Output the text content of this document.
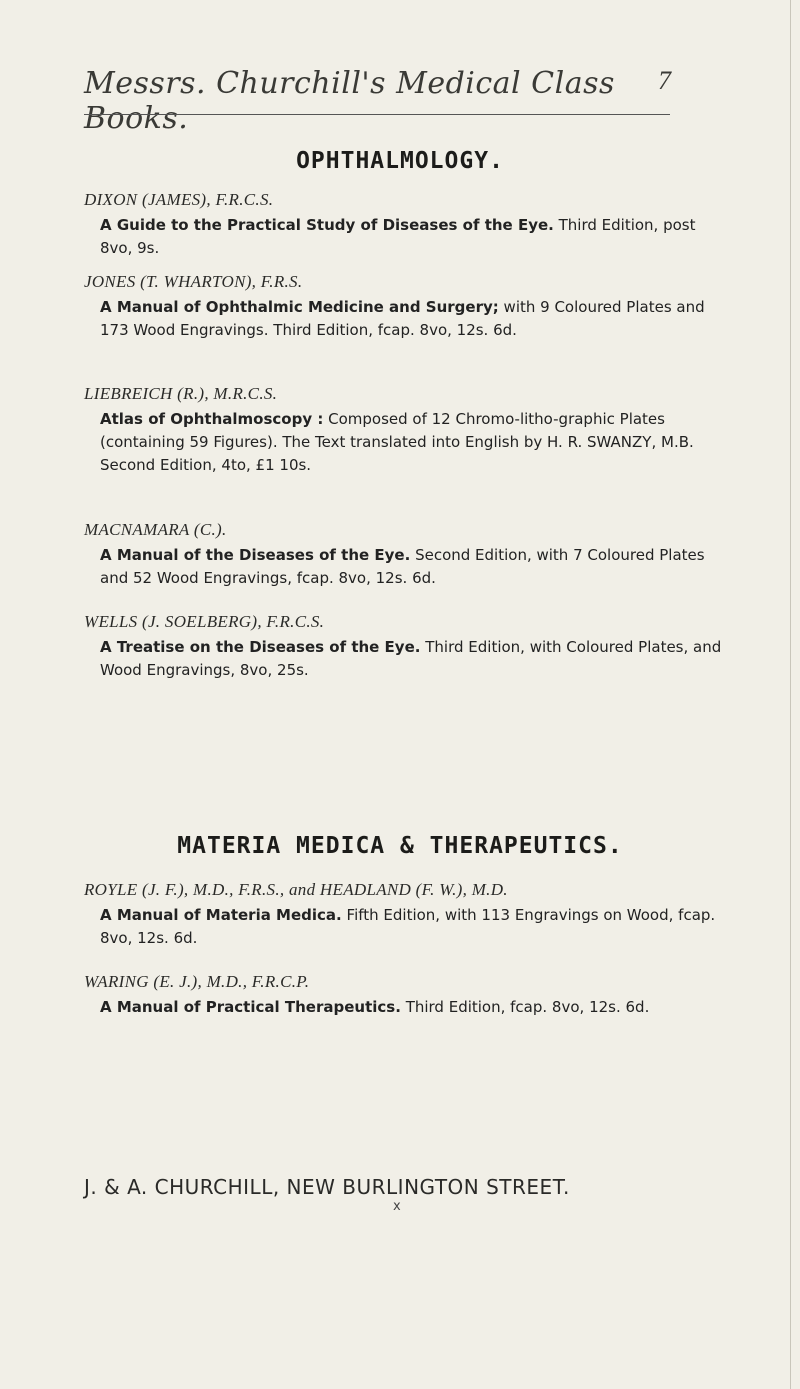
Messrs. Churchill's Medical Class Books.
7
OPHTHALMOLOGY.
DIXON (JAMES), F.R.C.S.
A Guide to the Practical Study of Diseases of the Eye. Third Edition, post 8vo, 9s.
JONES (T. WHARTON), F.R.S.
A Manual of Ophthalmic Medicine and Surgery; with 9 Coloured Plates and 173 Wood Engravings. Third Edition, fcap. 8vo, 12s. 6d.
LIEBREICH (R.), M.R.C.S.
Atlas of Ophthalmoscopy : Composed of 12 Chromo-litho-graphic Plates (containing 59 Figures). The Text translated into English by H. R. SWANZY, M.B. Second Edition, 4to, £1 10s.
MACNAMARA (C.).
A Manual of the Diseases of the Eye. Second Edition, with 7 Coloured Plates and 52 Wood Engravings, fcap. 8vo, 12s. 6d.
WELLS (J. SOELBERG), F.R.C.S.
A Treatise on the Diseases of the Eye. Third Edition, with Coloured Plates, and Wood Engravings, 8vo, 25s.
MATERIA MEDICA & THERAPEUTICS.
ROYLE (J. F.), M.D., F.R.S., and HEADLAND (F. W.), M.D.
A Manual of Materia Medica. Fifth Edition, with 113 Engravings on Wood, fcap. 8vo, 12s. 6d.
WARING (E. J.), M.D., F.R.C.P.
A Manual of Practical Therapeutics. Third Edition, fcap. 8vo, 12s. 6d.
J. & A. CHURCHILL, NEW BURLINGTON STREET.
x
